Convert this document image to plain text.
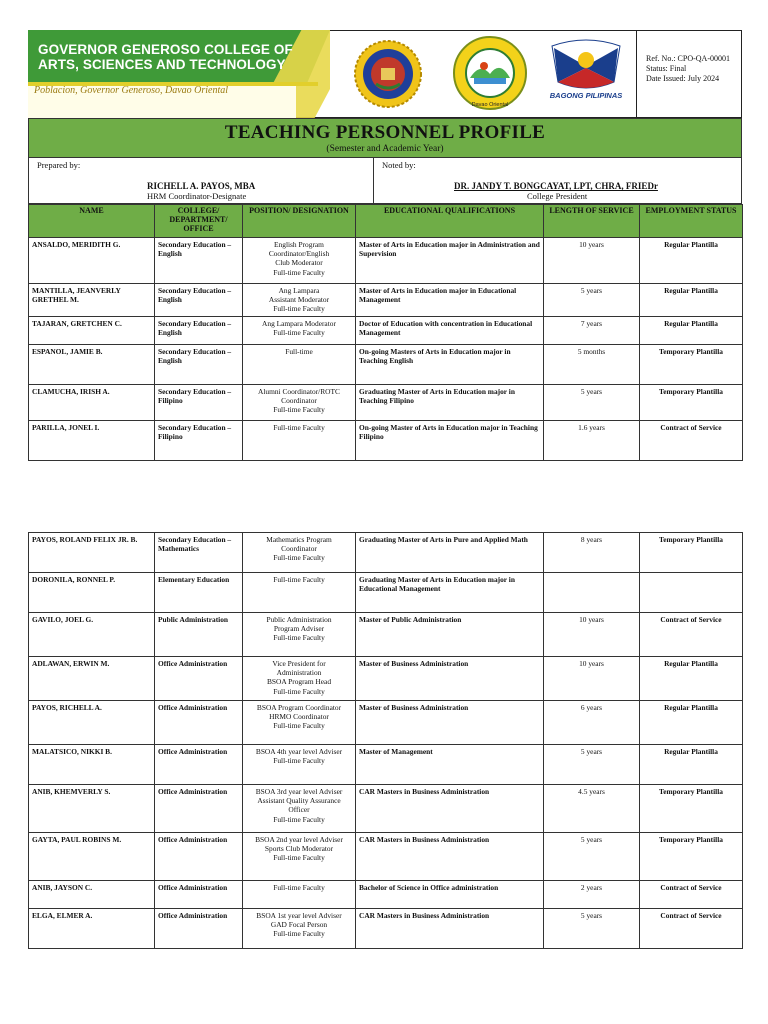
GOVERNOR GENEROSO COLLEGE OF ARTS, SCIENCES AND TECHNOLOGY
Poblacion, Governor Generoso, Davao Oriental
Davao Oriental
BAGONG PILIPINAS
Ref. No.: CPO-QA-00001
Status: Final
Date Issued: July 2024
TEACHING PERSONNEL PROFILE
(Semester and Academic Year)
Prepared by:
RICHELL A. PAYOS, MBA
HRM Coordinator-Designate
Noted by:
DR. JANDY T. BONGCAYAT, LPT, CHRA, FRIEDr
College President
NAME	COLLEGE/ DEPARTMENT/ OFFICE	POSITION/ DESIGNATION	EDUCATIONAL QUALIFICATIONS	LENGTH OF SERVICE	EMPLOYMENT STATUS
ANSALDO, MERIDITH G.	Secondary Education – English	English Program
Coordinator/English
Club Moderator
Full-time Faculty	Master of Arts in Education major in Administration and Supervision	10 years	Regular Plantilla
MANTILLA, JEANVERLY GRETHEL M.	Secondary Education – English	Ang Lampara
Assistant Moderator
Full-time Faculty	Master of Arts in Education major in Educational Management	5 years	Regular Plantilla
TAJARAN, GRETCHEN C.	Secondary Education – English	Ang Lampara Moderator
Full-time Faculty	Doctor of Education with concentration in Educational Management	7 years	Regular Plantilla
ESPANOL, JAMIE B.	Secondary Education – English	Full-time	On-going Masters of Arts in Education major in Teaching English	5 months	Temporary Plantilla
CLAMUCHA, IRISH A.	Secondary Education – Filipino	Alumni Coordinator/ROTC
Coordinator
Full-time Faculty	Graduating Master of Arts in Education major in Teaching Filipino	5 years	Temporary Plantilla
PARILLA, JONEL I.	Secondary Education – Filipino	Full-time Faculty	On-going Master of Arts in Education major in Teaching Filipino	1.6 years	Contract of Service
PAYOS, ROLAND FELIX JR. B.	Secondary Education – Mathematics	Mathematics Program
Coordinator
Full-time Faculty	Graduating Master of Arts in Pure and Applied Math	8 years	Temporary Plantilla
DORONILA, RONNEL P.	Elementary Education	Full-time Faculty	Graduating Master of Arts in Education major in Educational Management		
GAVILO, JOEL G.	Public Administration	Public Administration
Program Adviser
Full-time Faculty	Master of Public Administration	10 years	Contract of Service
ADLAWAN, ERWIN M.	Office Administration	Vice President for
Administration
BSOA Program Head
Full-time Faculty	Master of Business Administration	10 years	Regular Plantilla
PAYOS, RICHELL A.	Office Administration	BSOA Program Coordinator
HRMO Coordinator
Full-time Faculty	Master of Business Administration	6 years	Regular Plantilla
MALATSICO, NIKKI B.	Office Administration	BSOA 4th year level Adviser
Full-time Faculty	Master of Management	5 years	Regular Plantilla
ANIB, KHEMVERLY S.	Office Administration	BSOA 3rd year level Adviser
Assistant Quality Assurance
Officer
Full-time Faculty	CAR Masters in Business Administration	4.5 years	Temporary Plantilla
GAYTA, PAUL ROBINS M.	Office Administration	BSOA 2nd year level Adviser
Sports Club Moderator
Full-time Faculty	CAR Masters in Business Administration	5 years	Temporary Plantilla
ANIB, JAYSON C.	Office Administration	Full-time Faculty	Bachelor of Science in Office administration	2 years	Contract of Service
ELGA, ELMER A.	Office Administration	BSOA 1st year level Adviser
GAD Focal Person
Full-time Faculty	CAR Masters in Business Administration	5 years	Contract of Service
